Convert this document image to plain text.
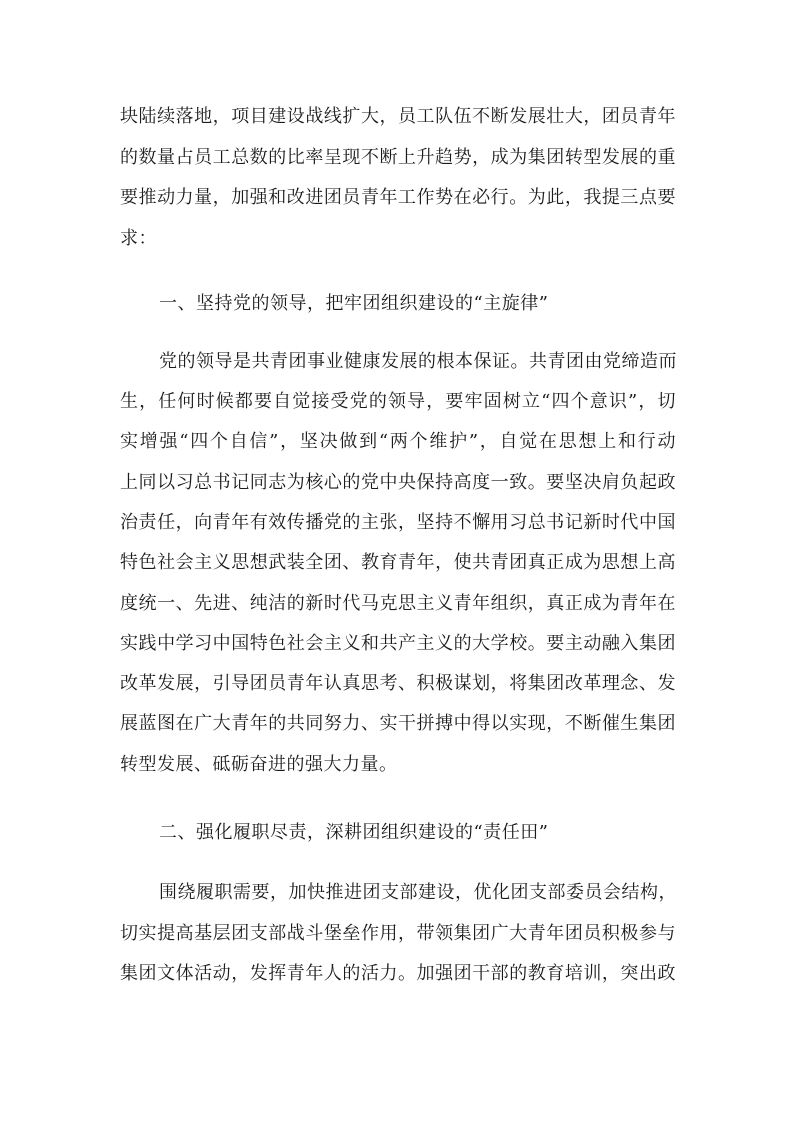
块陆续落地，项目建设战线扩大，员工队伍不断发展壮大，团员青年
的数量占员工总数的比率呈现不断上升趋势，成为集团转型发展的重
要推动力量，加强和改进团员青年工作势在必行。为此，我提三点要
求：
一、坚持党的领导，把牢团组织建设的“主旋律”
党的领导是共青团事业健康发展的根本保证。共青团由党缔造而
生，任何时候都要自觉接受党的领导，要牢固树立“四个意识”，切
实增强“四个自信”，坚决做到“两个维护”，自觉在思想上和行动
上同以习总书记同志为核心的党中央保持高度一致。要坚决肩负起政
治责任，向青年有效传播党的主张，坚持不懈用习总书记新时代中国
特色社会主义思想武装全团、教育青年，使共青团真正成为思想上高
度统一、先进、纯洁的新时代马克思主义青年组织，真正成为青年在
实践中学习中国特色社会主义和共产主义的大学校。要主动融入集团
改革发展，引导团员青年认真思考、积极谋划，将集团改革理念、发
展蓝图在广大青年的共同努力、实干拼搏中得以实现，不断催生集团
转型发展、砥砺奋进的强大力量。
二、强化履职尽责，深耕团组织建设的“责任田”
围绕履职需要，加快推进团支部建设，优化团支部委员会结构，
切实提高基层团支部战斗堡垒作用，带领集团广大青年团员积极参与
集团文体活动，发挥青年人的活力。加强团干部的教育培训，突出政
